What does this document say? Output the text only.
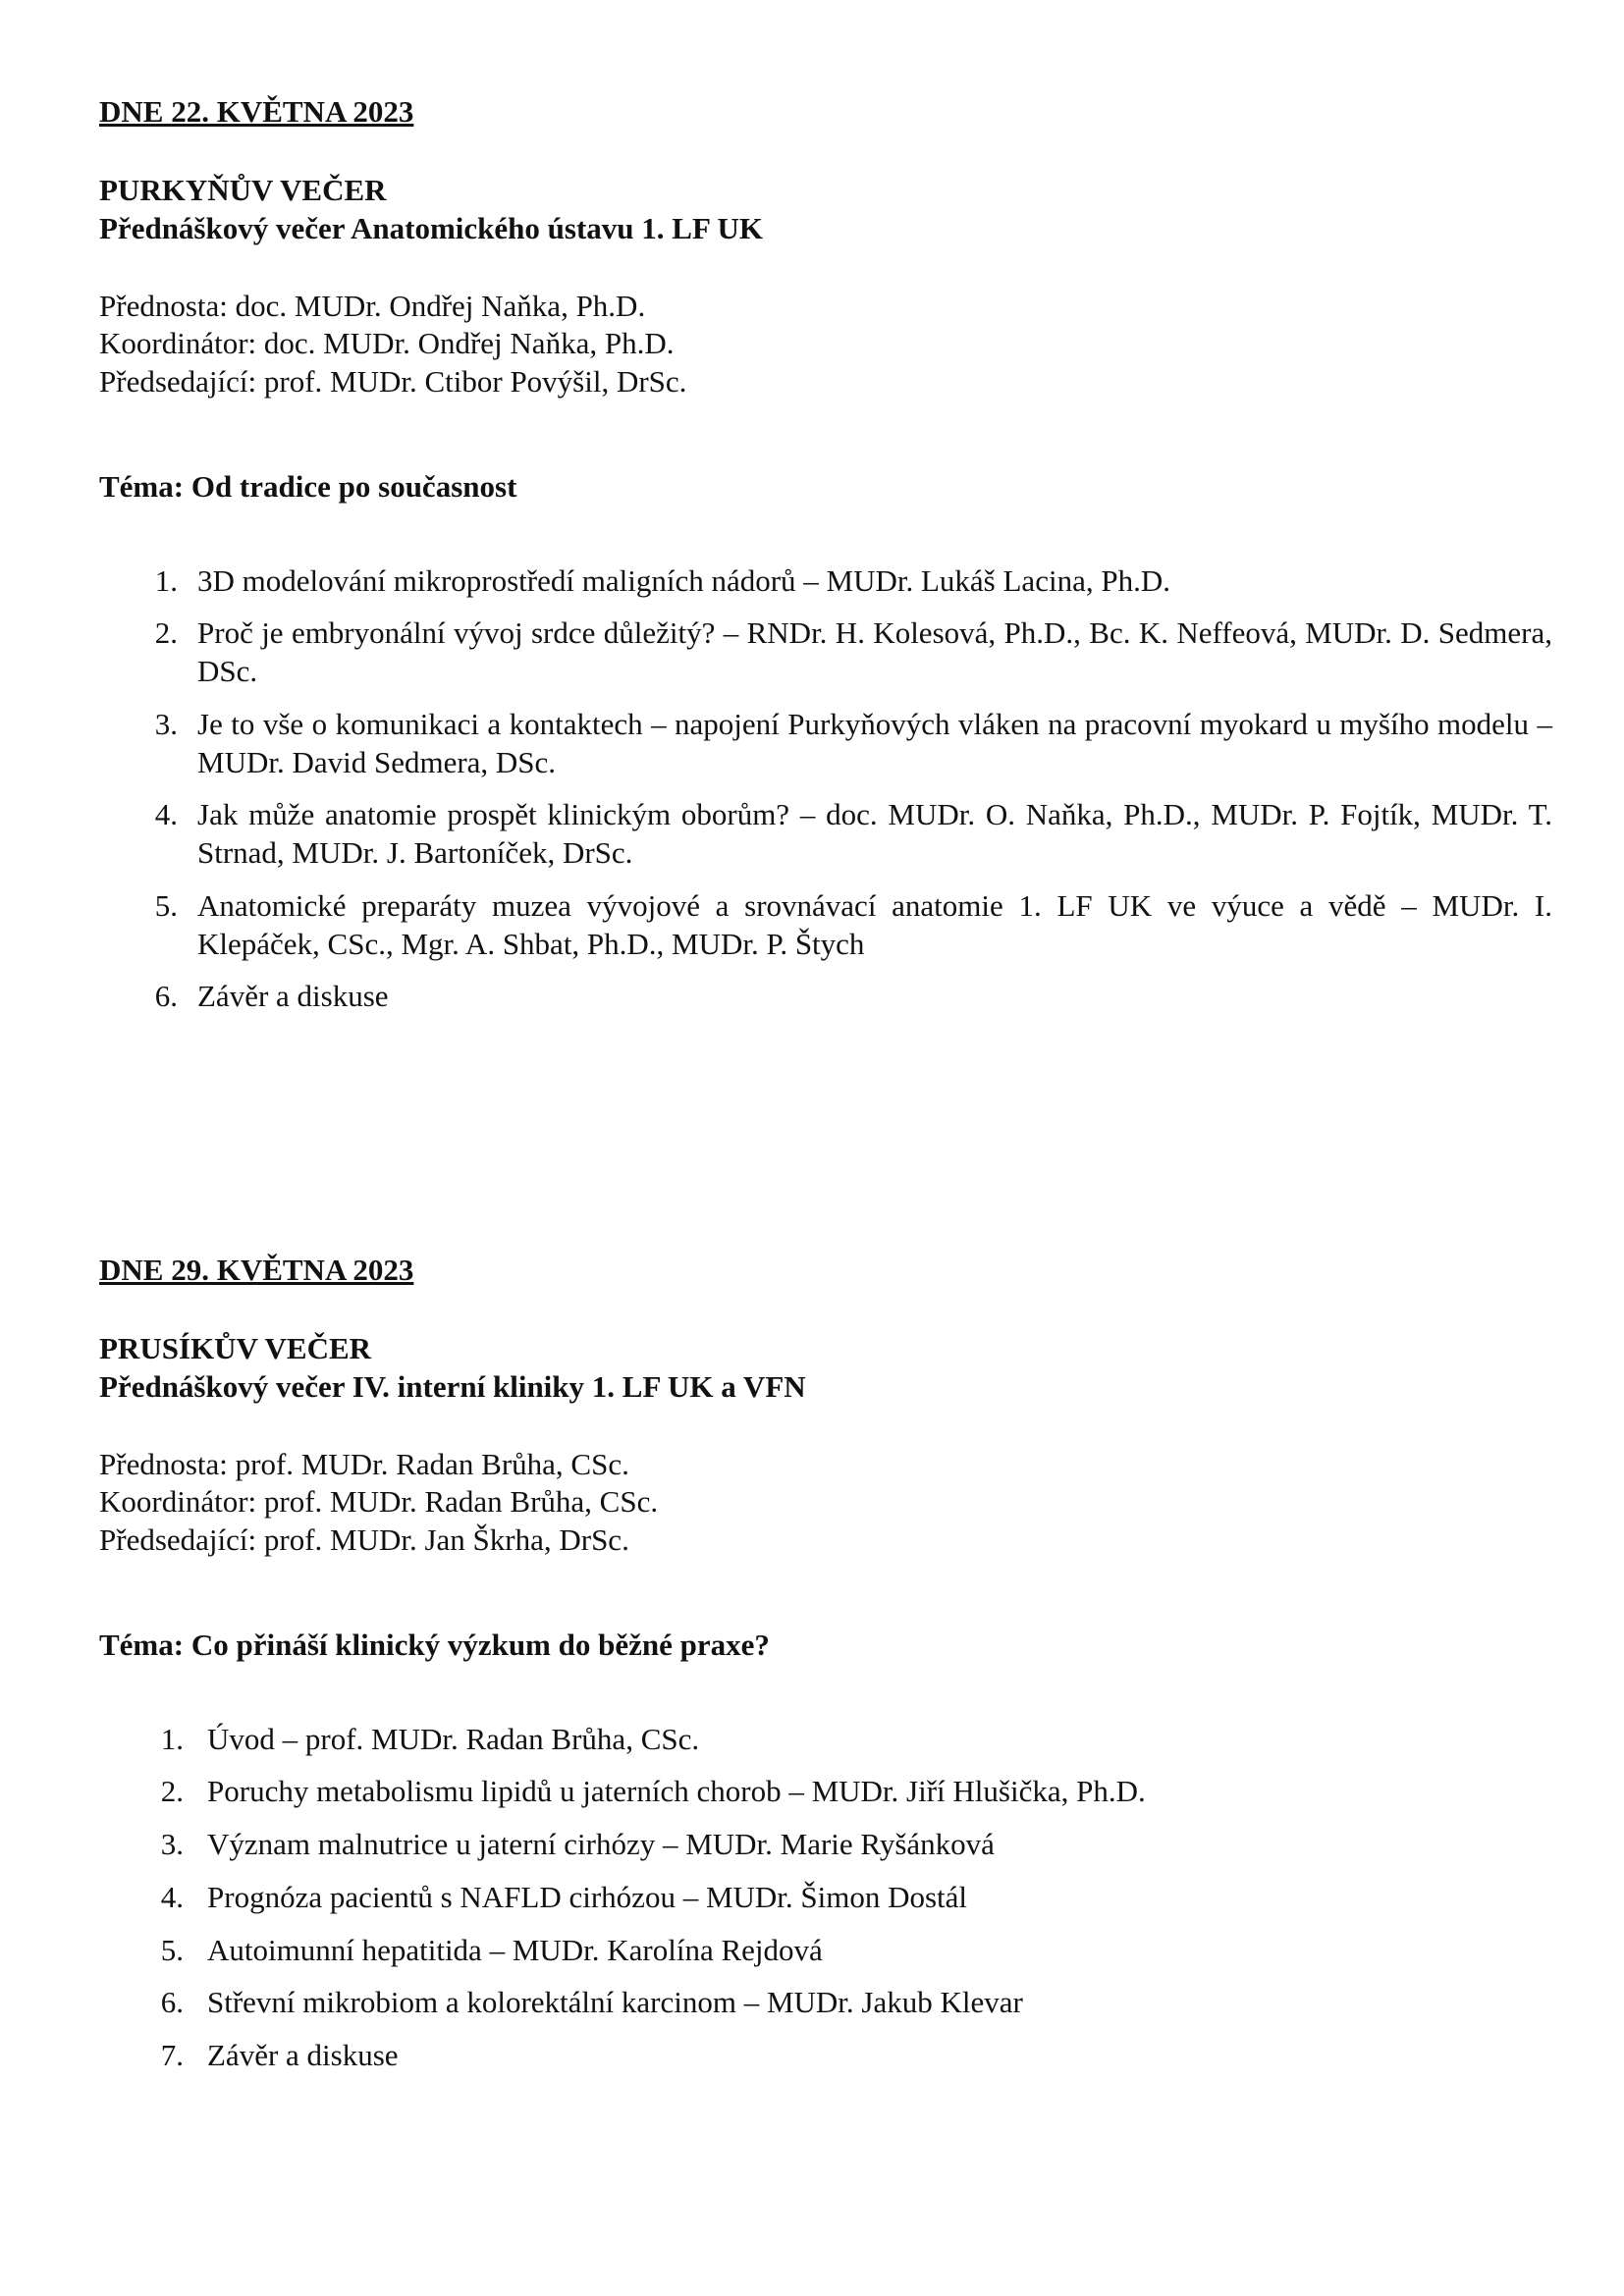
DNE 22. KVĚTNA 2023

PURKYŇŮV VEČER

Přednáškový večer Anatomického ústavu 1. LF UK

Přednosta: doc. MUDr. Ondřej Naňka, Ph.D.

Koordinátor: doc. MUDr. Ondřej Naňka, Ph.D.

Předsedající: prof. MUDr. Ctibor Povýšil, DrSc.

Téma: Od tradice po současnost

1. 3D modelování mikroprostředí maligních nádorů – MUDr. Lukáš Lacina, Ph.D.
2. Proč je embryonální vývoj srdce důležitý? – RNDr. H. Kolesová, Ph.D., Bc. K. Neffeová, MUDr. D. Sedmera, DSc.
3. Je to vše o komunikaci a kontaktech – napojení Purkyňových vláken na pracovní myokard u myšího modelu – MUDr. David Sedmera, DSc.
4. Jak může anatomie prospět klinickým oborům? – doc. MUDr. O. Naňka, Ph.D., MUDr. P. Fojtík, MUDr. T. Strnad, MUDr. J. Bartoníček, DrSc.
5. Anatomické preparáty muzea vývojové a srovnávací anatomie 1. LF UK ve výuce a vědě – MUDr. I. Klepáček, CSc., Mgr. A. Shbat, Ph.D., MUDr. P. Štych
6. Závěr a diskuse

DNE 29. KVĚTNA 2023

PRUSÍKŮV VEČER

Přednáškový večer IV. interní kliniky 1. LF UK a VFN

Přednosta: prof. MUDr. Radan Brůha, CSc.

Koordinátor: prof. MUDr. Radan Brůha, CSc.

Předsedající: prof. MUDr. Jan Škrha, DrSc.

Téma: Co přináší klinický výzkum do běžné praxe?

1. Úvod – prof. MUDr. Radan Brůha, CSc.
2. Poruchy metabolismu lipidů u jaterních chorob – MUDr. Jiří Hlušička, Ph.D.
3. Význam malnutrice u jaterní cirhózy – MUDr. Marie Ryšánková
4. Prognóza pacientů s NAFLD cirhózou – MUDr. Šimon Dostál
5. Autoimunní hepatitida – MUDr. Karolína Rejdová
6. Střevní mikrobiom a kolorektální karcinom – MUDr. Jakub Klevar
7. Závěr a diskuse
